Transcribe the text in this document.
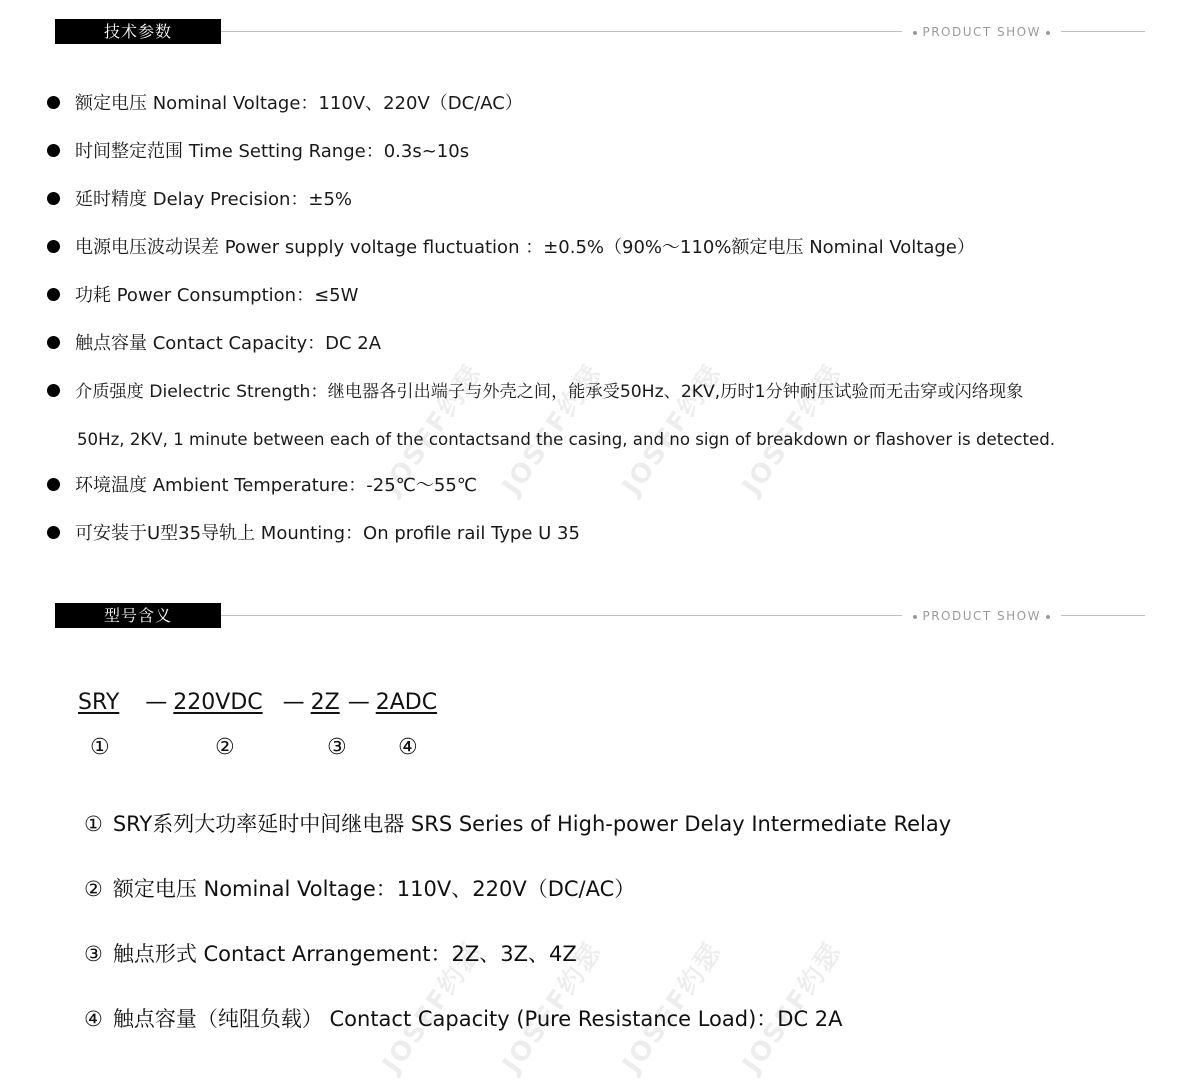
技术参数	PRODUCT SHOW
额定电压 Nominal Voltage：110V、220V（DC/AC）
时间整定范围 Time Setting Range：0.3s~10s
延时精度 Delay Precision：±5%
电源电压波动误差 Power supply voltage fluctuation ：±0.5%（90%～110%额定电压 Nominal Voltage）
功耗 Power Consumption：≤5W
触点容量 Contact Capacity：DC 2A
介质强度 Dielectric Strength：继电器各引出端子与外壳之间，能承受50Hz、2KV,历时1分钟耐压试验而无击穿或闪络现象
50Hz, 2KV, 1 minute between each of the contactsand the casing, and no sign of breakdown or flashover is detected.
环境温度 Ambient Temperature：-25℃～55℃
可安装于U型35导轨上 Mounting：On profile rail Type U 35
型号含义	PRODUCT SHOW
SRY — 220VDC — 2Z — 2ADC
①	②	③ ④
① SRY系列大功率延时中间继电器 SRS Series of High-power Delay Intermediate Relay
② 额定电压 Nominal Voltage：110V、220V（DC/AC）
③ 触点形式 Contact Arrangement：2Z、3Z、4Z
④ 触点容量（纯阻负载） Contact Capacity (Pure Resistance Load)：DC 2A
JOSEF约瑟 JOSEF约瑟 JOSEF约瑟 JOSEF约瑟
JOSEF约瑟 JOSEF约瑟 JOSEF约瑟 JOSEF约瑟
